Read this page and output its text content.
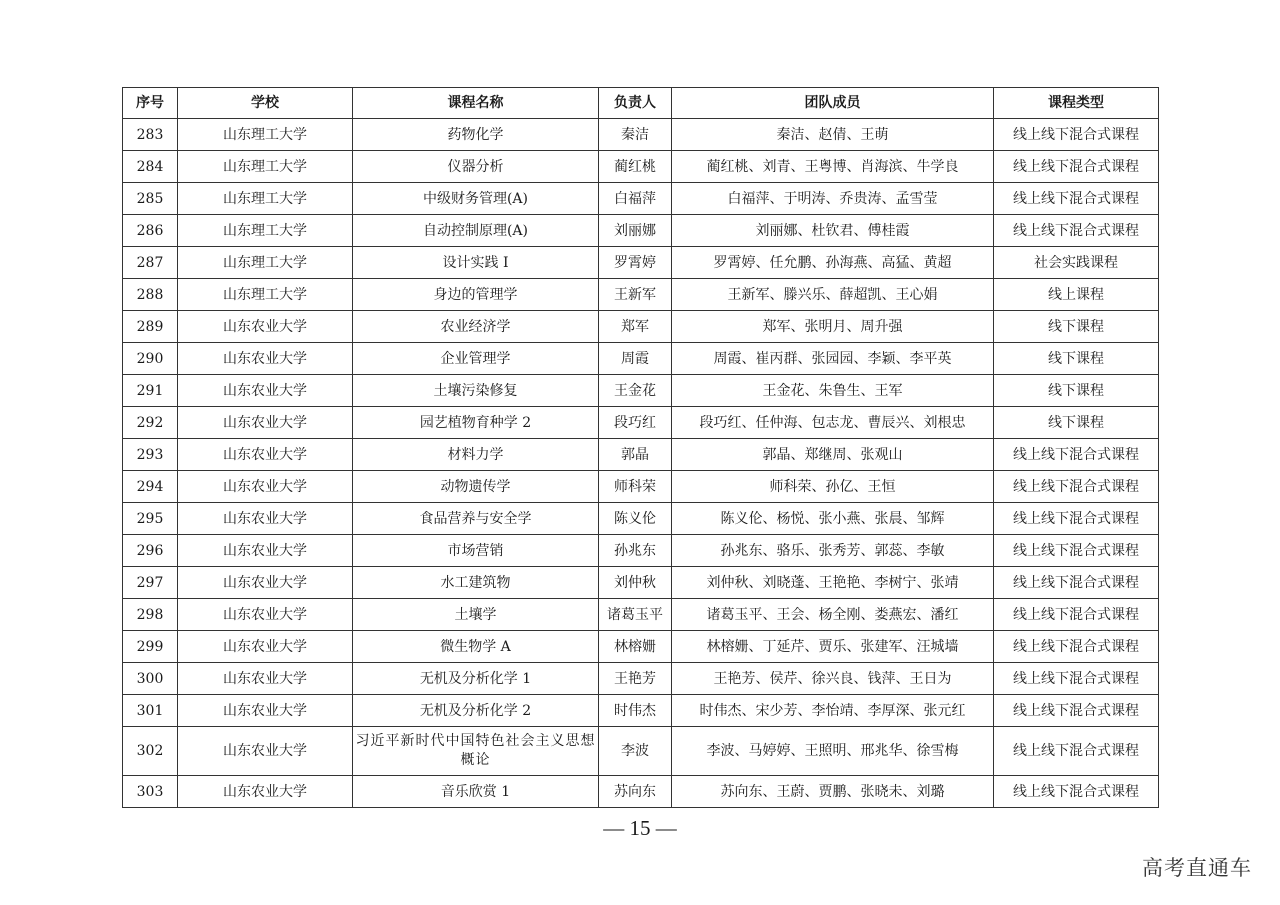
序号	学校	课程名称	负责人	团队成员	课程类型
283	山东理工大学	药物化学	秦洁	秦洁、赵倩、王萌	线上线下混合式课程
284	山东理工大学	仪器分析	蔺红桃	蔺红桃、刘青、王粤博、肖海滨、牛学良	线上线下混合式课程
285	山东理工大学	中级财务管理(A)	白福萍	白福萍、于明涛、乔贵涛、孟雪莹	线上线下混合式课程
286	山东理工大学	自动控制原理(A)	刘丽娜	刘丽娜、杜钦君、傅桂霞	线上线下混合式课程
287	山东理工大学	设计实践 I	罗霄婷	罗霄婷、任允鹏、孙海燕、高猛、黄超	社会实践课程
288	山东理工大学	身边的管理学	王新军	王新军、滕兴乐、薛超凯、王心娟	线上课程
289	山东农业大学	农业经济学	郑军	郑军、张明月、周升强	线下课程
290	山东农业大学	企业管理学	周霞	周霞、崔丙群、张园园、李颖、李平英	线下课程
291	山东农业大学	土壤污染修复	王金花	王金花、朱鲁生、王军	线下课程
292	山东农业大学	园艺植物育种学 2	段巧红	段巧红、任仲海、包志龙、曹辰兴、刘根忠	线下课程
293	山东农业大学	材料力学	郭晶	郭晶、郑继周、张观山	线上线下混合式课程
294	山东农业大学	动物遗传学	师科荣	师科荣、孙亿、王恒	线上线下混合式课程
295	山东农业大学	食品营养与安全学	陈义伦	陈义伦、杨悦、张小燕、张晨、邹辉	线上线下混合式课程
296	山东农业大学	市场营销	孙兆东	孙兆东、骆乐、张秀芳、郭蕊、李敏	线上线下混合式课程
297	山东农业大学	水工建筑物	刘仲秋	刘仲秋、刘晓蓬、王艳艳、李树宁、张靖	线上线下混合式课程
298	山东农业大学	土壤学	诸葛玉平	诸葛玉平、王会、杨全刚、娄燕宏、潘红	线上线下混合式课程
299	山东农业大学	微生物学 A	林榕姗	林榕姗、丁延芹、贾乐、张建军、汪城墙	线上线下混合式课程
300	山东农业大学	无机及分析化学 1	王艳芳	王艳芳、侯芹、徐兴良、钱萍、王日为	线上线下混合式课程
301	山东农业大学	无机及分析化学 2	时伟杰	时伟杰、宋少芳、李怡靖、李厚深、张元红	线上线下混合式课程
302	山东农业大学	习近平新时代中国特色社会主义思想概论	李波	李波、马婷婷、王照明、邢兆华、徐雪梅	线上线下混合式课程
303	山东农业大学	音乐欣赏 1	苏向东	苏向东、王蔚、贾鹏、张晓未、刘璐	线上线下混合式课程
— 15 —
高考直通车
